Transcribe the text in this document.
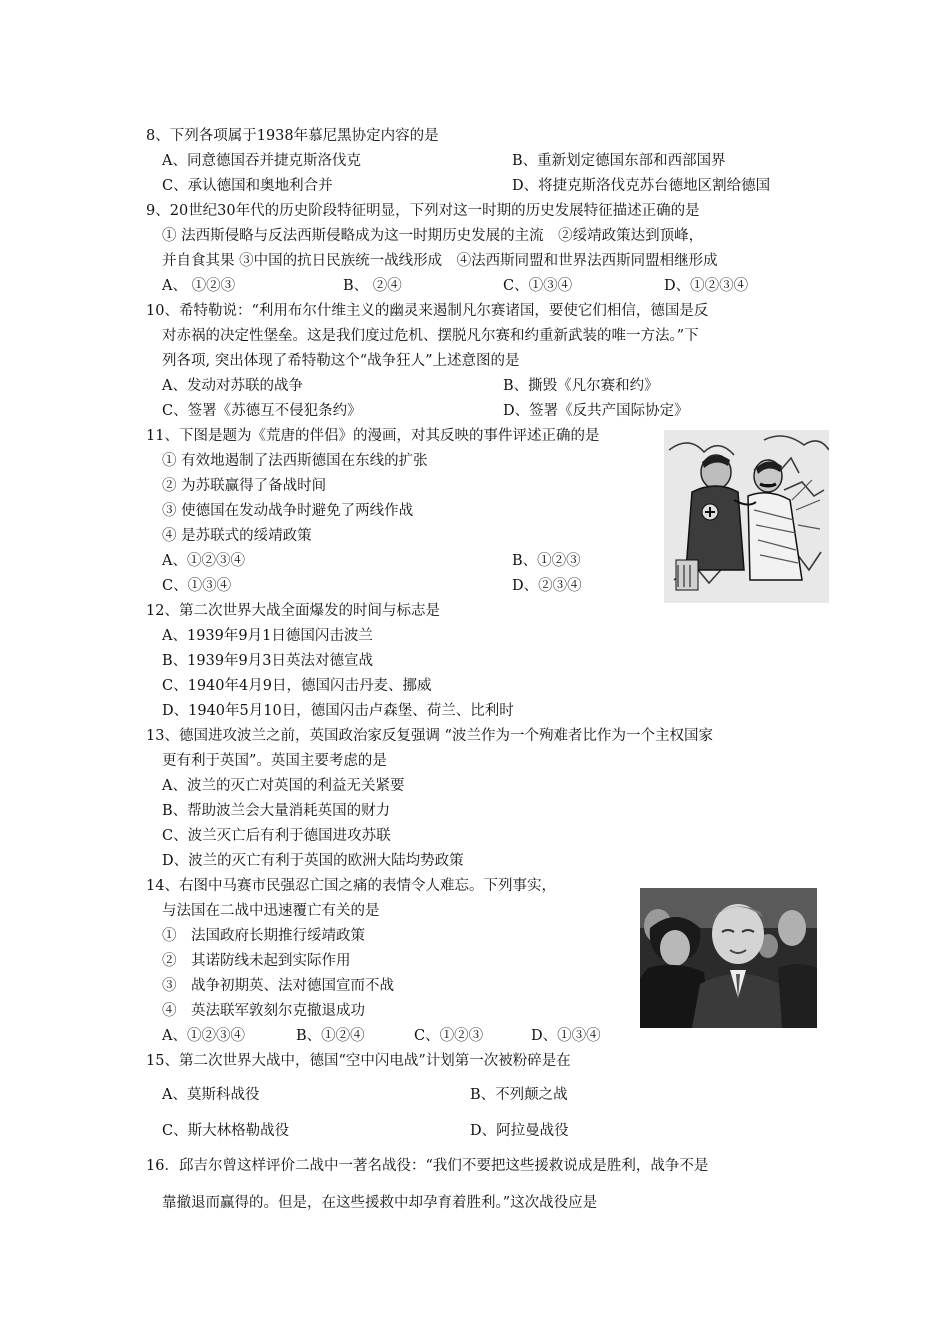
8、下列各项属于1938年慕尼黑协定内容的是
A、同意德国吞并捷克斯洛伐克	B、重新划定德国东部和西部国界
C、承认德国和奥地利合并	D、将捷克斯洛伐克苏台德地区割给德国
9、20世纪30年代的历史阶段特征明显，下列对这一时期的历史发展特征描述正确的是
① 法西斯侵略与反法西斯侵略成为这一时期历史发展的主流　②绥靖政策达到顶峰，
并自食其果 ③中国的抗日民族统一战线形成　④法西斯同盟和世界法西斯同盟相继形成
A、 ①②③	B、 ②④	C、①③④	D、①②③④
10、希特勒说：“利用布尔什维主义的幽灵来遏制凡尔赛诸国，要使它们相信，德国是反
对赤祸的决定性堡垒。这是我们度过危机、摆脱凡尔赛和约重新武装的唯一方法。”下
列各项, 突出体现了希特勒这个“战争狂人”上述意图的是
A、发动对苏联的战争	B、撕毁《凡尔赛和约》
C、签署《苏德互不侵犯条约》	D、签署《反共产国际协定》
11、下图是题为《荒唐的伴侣》的漫画，对其反映的事件评述正确的是
① 有效地遏制了法西斯德国在东线的扩张
② 为苏联赢得了备战时间
③ 使德国在发动战争时避免了两线作战
④ 是苏联式的绥靖政策
A、①②③④	B、①②③
C、①③④	D、②③④
12、第二次世界大战全面爆发的时间与标志是
A、1939年9月1日德国闪击波兰
B、1939年9月3日英法对德宣战
C、1940年4月9日，德国闪击丹麦、挪威
D、1940年5月10日，德国闪击卢森堡、荷兰、比利时
13、德国进攻波兰之前，英国政治家反复强调 “波兰作为一个殉难者比作为一个主权国家
更有利于英国”。英国主要考虑的是
A、波兰的灭亡对英国的利益无关紧要
B、帮助波兰会大量消耗英国的财力
C、波兰灭亡后有利于德国进攻苏联
D、波兰的灭亡有利于英国的欧洲大陆均势政策
14、右图中马赛市民强忍亡国之痛的表情令人难忘。下列事实，
与法国在二战中迅速覆亡有关的是
①　法国政府长期推行绥靖政策
②　其诺防线未起到实际作用
③　战争初期英、法对德国宣而不战
④　英法联军敦刻尔克撤退成功
A、①②③④	B、①②④	C、①②③	D、①③④
15、第二次世界大战中，德国“空中闪电战”计划第一次被粉碎是在
A、莫斯科战役	B、不列颠之战
C、斯大林格勒战役	D、阿拉曼战役
16．邱吉尔曾这样评价二战中一著名战役：“我们不要把这些援救说成是胜利，战争不是
靠撤退而赢得的。但是，在这些援救中却孕育着胜利。”这次战役应是
